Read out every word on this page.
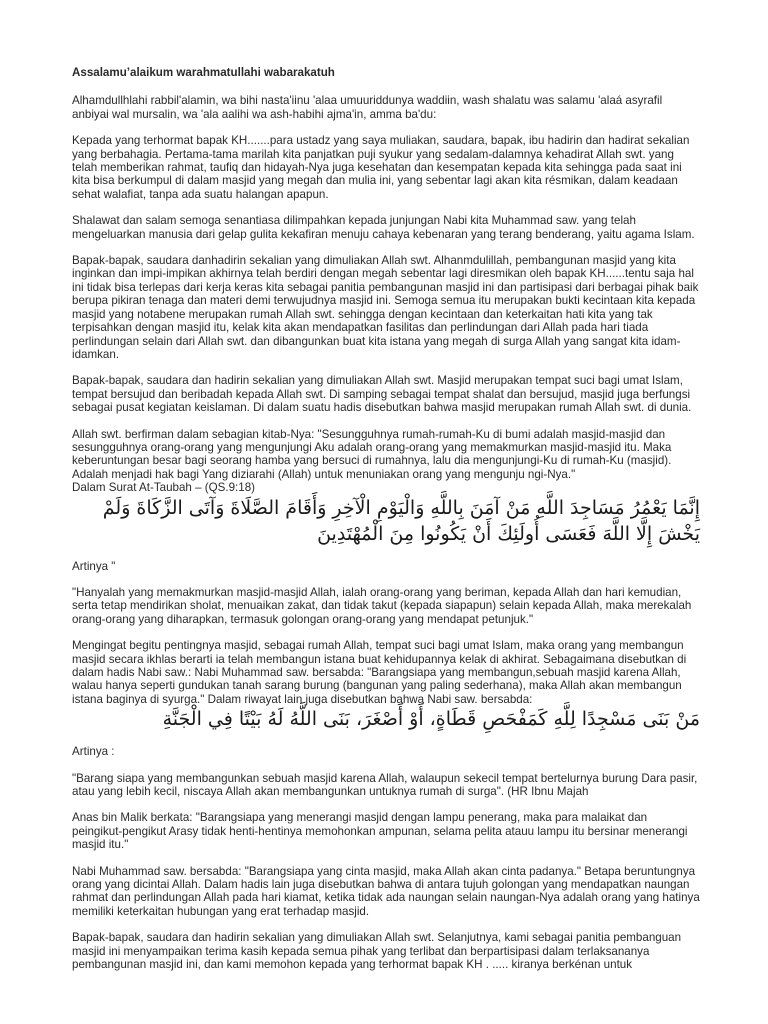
Assalamu’alaikum warahmatullahi wabarakatuh

Alhamdullhlahi rabbil'alamin, wa bihi nasta'iinu 'alaa umuuriddunya waddiin, wash shalatu was salamu 'alaá asyrafil anbiyai wal mursalin, wa 'ala aalihi wa ash-habihi ajma'in, amma ba'du:

Kepada yang terhormat bapak KH.......para ustadz yang saya muliakan, saudara, bapak, ibu hadirin dan hadirat sekalian yang berbahagia. Pertama-tama marilah kita panjatkan puji syukur yang sedalam-dalamnya kehadirat Allah swt. yang telah memberikan rahmat, taufiq dan hidayah-Nya juga kesehatan dan kesempatan kepada kita sehingga pada saat ini kita bisa berkumpul di dalam masjid yang megah dan mulia ini, yang sebentar lagi akan kita résmikan, dalam keadaan sehat walafiat, tanpa ada suatu halangan apapun.

Shalawat dan salam semoga senantiasa dilimpahkan kepada junjungan Nabi kita Muhammad saw. yang telah mengeluarkan manusia dari gelap gulita kekafiran menuju cahaya kebenaran yang terang benderang, yaitu agama Islam.

Bapak-bapak, saudara danhadirin sekalian yang dimuliakan Allah swt. Alhanmdulillah, pembangunan masjid yang kita inginkan dan impi-impikan akhirnya telah berdiri dengan megah sebentar lagi diresmikan oleh bapak KH......tentu saja hal ini tidak bisa terlepas dari kerja keras kita sebagai panitia pembangunan masjid ini dan partisipasi dari berbagai pihak baik berupa pikiran tenaga dan materi demi terwujudnya masjid ini. Semoga semua itu merupakan bukti kecintaan kita kepada masjid yang notabene merupakan rumah Allah swt. sehingga dengan kecintaan dan keterkaitan hati kita yang tak terpisahkan dengan masjid itu, kelak kita akan mendapatkan fasilitas dan perlindungan dari Allah pada hari tiada perlindungan selain dari Allah swt. dan dibangunkan buat kita istana yang megah di surga Allah yang sangat kita idam-idamkan.

Bapak-bapak, saudara dan hadirin sekalian yang dimuliakan Allah swt. Masjid merupakan tempat suci bagi umat Islam, tempat bersujud dan beribadah kepada Allah swt. Di samping sebagai tempat shalat dan bersujud, masjid juga berfungsi sebagai pusat kegiatan keislaman. Di dalam suatu hadis disebutkan bahwa masjid merupakan rumah Allah swt. di dunia.

Allah swt. berfirman dalam sebagian kitab-Nya: "Sesungguhnya rumah-rumah-Ku di bumi adalah masjid-masjid dan sesungguhnya orang-orang yang mengunjungi Aku adalah orang-orang yang memakmurkan masjid-masjid itu. Maka keberuntungan besar bagi seorang hamba yang bersuci di rumahnya, lalu dia mengunjungi-Ku di rumah-Ku (masjid). Adalah menjadi hak bagi Yang diziarahi (Allah) untuk menuniakan orang yang mengunju ngi-Nya."

Dalam Surat At-Taubah – (QS.9:18)

إِنَّمَا يَعْمُرُ مَسَاجِدَ اللَّهِ مَنْ آمَنَ بِاللَّهِ وَالْيَوْمِ الْآخِرِ وَأَقَامَ الصَّلَاةَ وَآتَى الزَّكَاةَ وَلَمْ يَخْشَ إِلَّا اللَّهَ فَعَسَى أُولَئِكَ أَنْ يَكُونُوا مِنَ الْمُهْتَدِينَ

Artinya "

"Hanyalah yang memakmurkan masjid-masjid Allah, ialah orang-orang yang beriman, kepada Allah dan hari kemudian, serta tetap mendirikan sholat, menuaikan zakat, dan tidak takut (kepada siapapun) selain kepada Allah, maka merekalah orang-orang yang diharapkan, termasuk golongan orang-orang yang mendapat petunjuk."

Mengingat begitu pentingnya masjid, sebagai rumah Allah, tempat suci bagi umat Islam, maka orang yang membangun masjid secara ikhlas berarti ia telah membangun istana buat kehidupannya kelak di akhirat. Sebagaimana disebutkan di dalam hadis Nabi saw.: Nabi Muhammad saw. bersabda: "Barangsiapa yang membangun,sebuah masjid karena Allah, walau hanya seperti gundukan tanah sarang burung (bangunan yang paling sederhana), maka Allah akan membangun istana baginya di syurga." Dalam riwayat lain juga disebutkan bahwa Nabi saw. bersabda:

مَنْ بَنَى مَسْجِدًا لِلَّهِ كَمَفْحَصِ قَطَاةٍ، أَوْ أَصْغَرَ، بَنَى اللَّهُ لَهُ بَيْتًا فِي الْجَنَّةِ

Artinya :

"Barang siapa yang membangunkan sebuah masjid karena Allah, walaupun sekecil tempat bertelurnya burung Dara pasir, atau yang lebih kecil, niscaya Allah akan membangunkan untuknya rumah di surga". (HR Ibnu Majah

Anas bin Malik berkata: "Barangsiapa yang menerangi masjid dengan lampu penerang, maka para malaikat dan peingikut-pengikut Arasy tidak henti-hentinya memohonkan ampunan, selama pelita atauu lampu itu bersinar menerangi masjid itu."

Nabi Muhammad saw. bersabda: "Barangsiapa yang cinta masjid, maka Allah akan cinta padanya." Betapa beruntungnya orang yang dicintai Allah. Dalam hadis lain juga disebutkan bahwa di antara tujuh golongan yang mendapatkan naungan rahmat dan perlindungan Allah pada hari kiamat, ketika tidak ada naungan selain naungan-Nya adalah orang yang hatinya memiliki keterkaitan hubungan yang erat terhadap masjid.

Bapak-bapak, saudara dan hadirin sekalian yang dimuliakan Allah swt. Selanjutnya, kami sebagai panitia pembanguan masjid ini menyampaikan terima kasih kepada semua pihak yang terlibat dan berpartisipasi dalam terlaksananya pembangunan masjid ini, dan kami memohon kepada yang terhormat bapak KH . ..... kiranya berkénan untuk
